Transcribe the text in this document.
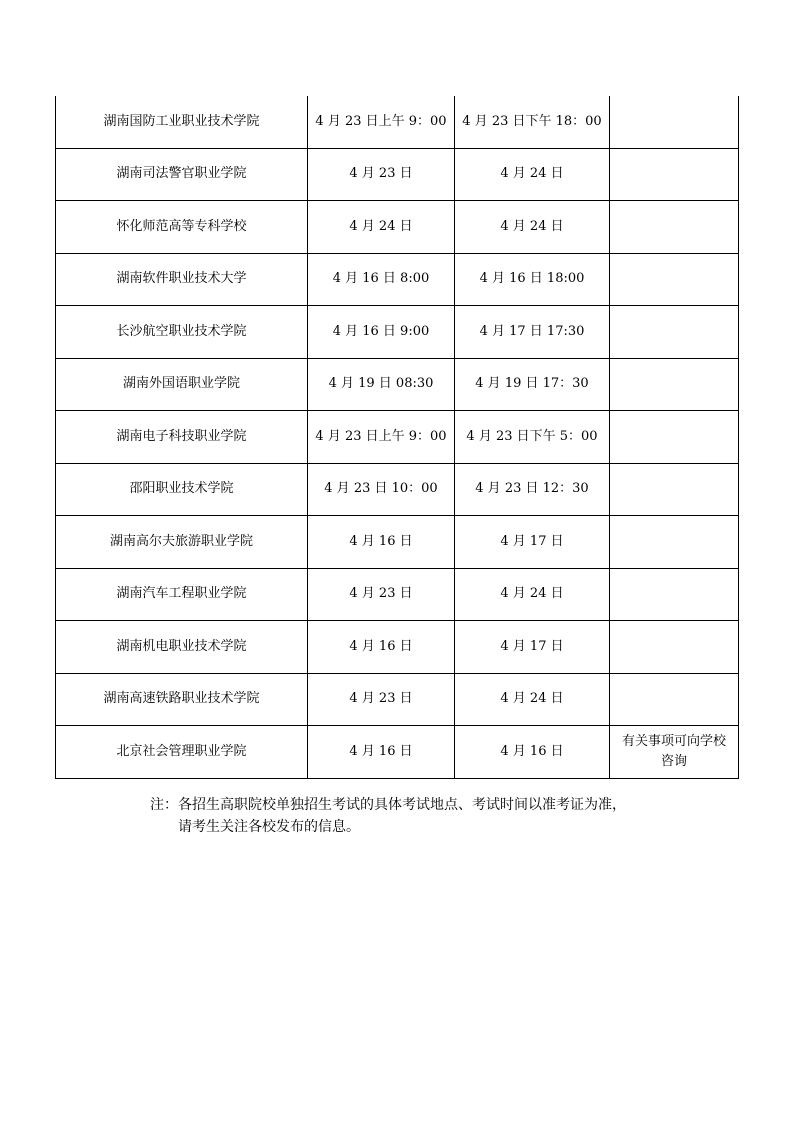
湖南国防工业职业技术学院	4 月 23 日上午 9：00	4 月 23 日下午 18：00	
湖南司法警官职业学院	4 月 23 日	4 月 24 日	
怀化师范高等专科学校	4 月 24 日	4 月 24 日	
湖南软件职业技术大学	4 月 16 日 8:00	4 月 16 日 18:00	
长沙航空职业技术学院	4 月 16 日 9:00	4 月 17 日 17:30	
湖南外国语职业学院	4 月 19 日 08:30	4 月 19 日 17：30	
湖南电子科技职业学院	4 月 23 日上午 9：00	4 月 23 日下午 5：00	
邵阳职业技术学院	4 月 23 日 10：00	4 月 23 日 12：30	
湖南高尔夫旅游职业学院	4 月 16 日	4 月 17 日	
湖南汽车工程职业学院	4 月 23 日	4 月 24 日	
湖南机电职业技术学院	4 月 16 日	4 月 17 日	
湖南高速铁路职业技术学院	4 月 23 日	4 月 24 日	
北京社会管理职业学院	4 月 16 日	4 月 16 日	有关事项可向学校咨询
注：各招生高职院校单独招生考试的具体考试地点、考试时间以准考证为准，
请考生关注各校发布的信息。
